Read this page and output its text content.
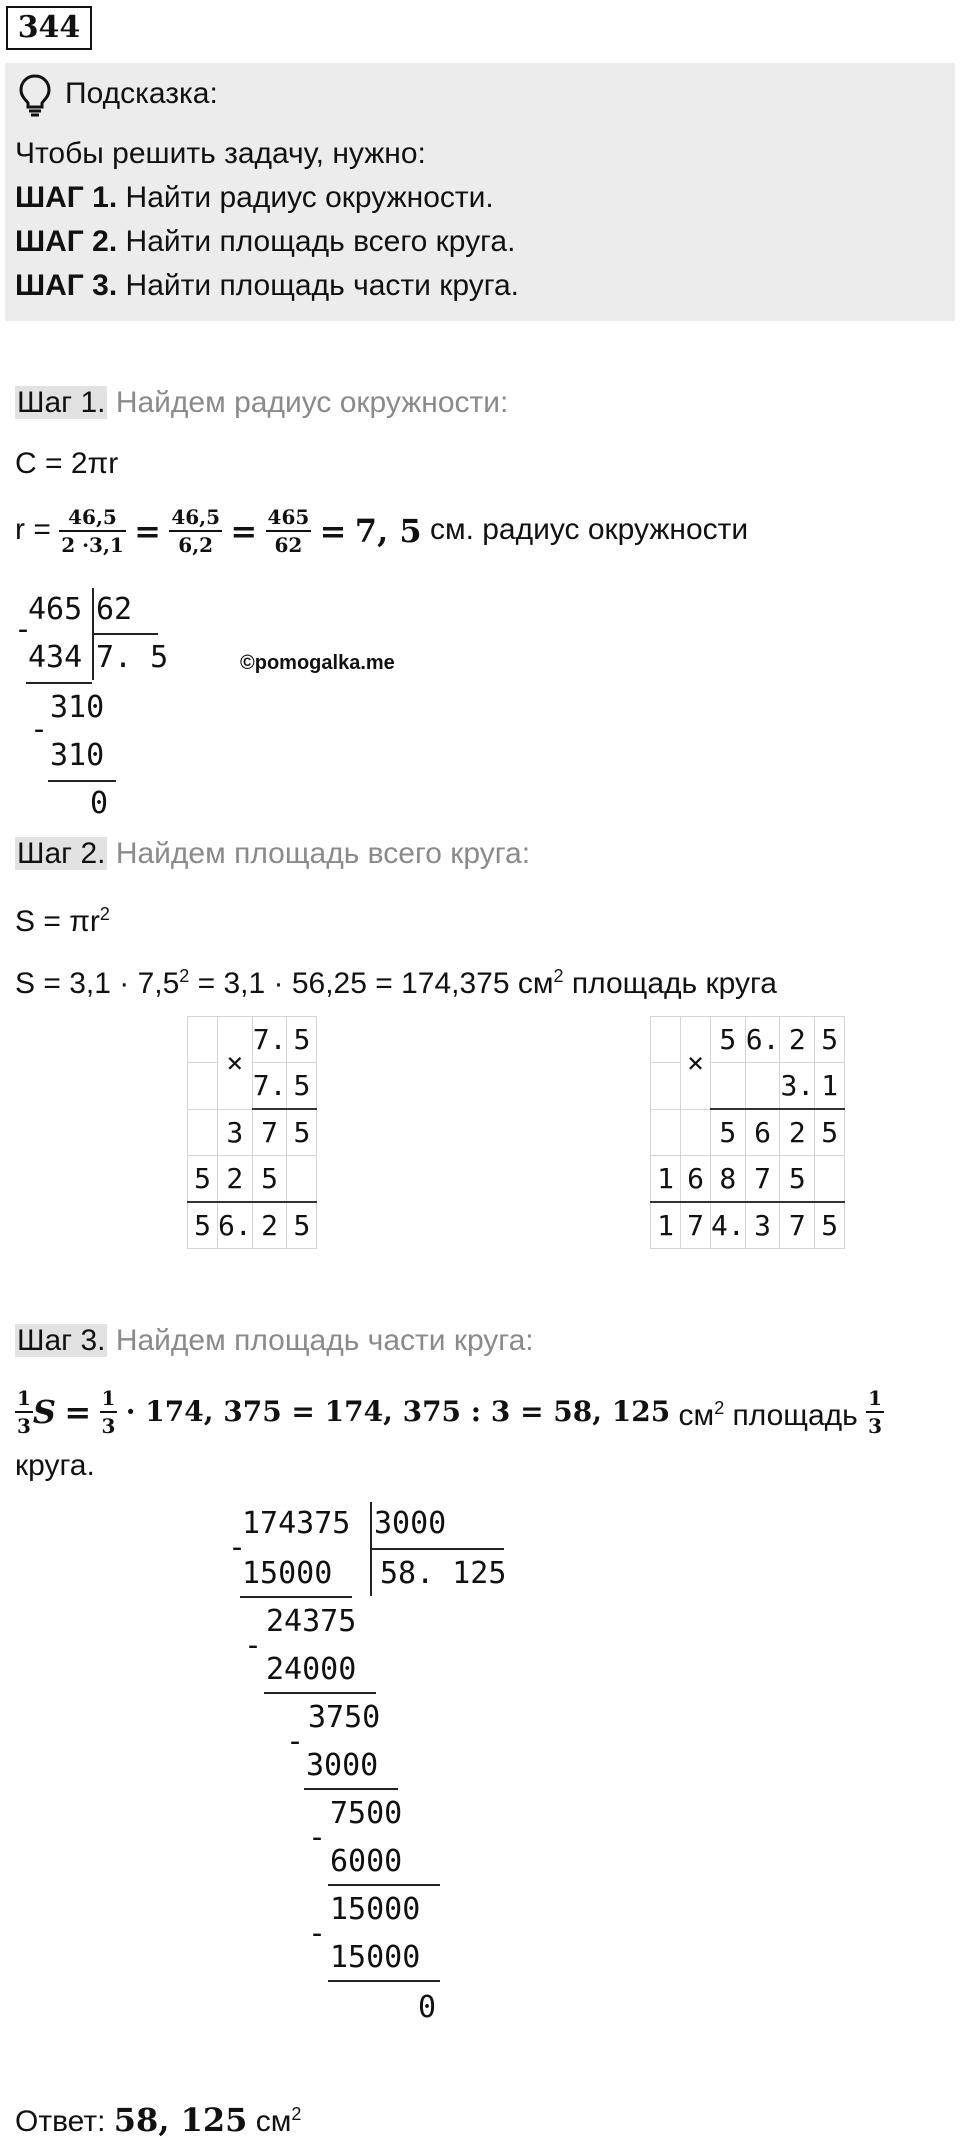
344
Подсказка:
Чтобы решить задачу, нужно:
ШАГ 1. Найти радиус окружности.
ШАГ 2. Найти площадь всего круга.
ШАГ 3. Найти площадь части круга.
Шаг 1. Найдем радиус окружности:
C = 2πr
$r = \frac{46,5}{2 \cdot 3,1} = \frac{46,5}{6,2} = \frac{465}{62} = 7$, 5 см. радиус окружности
465 62
-
434 7. 5
310
-
310
0
©pomogalka.me
Шаг 2. Найдем площадь всего круга:
$S = \pi r^2$
$S = 3,1 \cdot 7,5^2 = 3,1 \cdot 56,25 = 174,375$ $см^2$ площадь круга
	×	7.	5
		7.	5
	3	7	5
5	2	5	
5	6.	2	5
	×	5	6.	2	5
				3.	1
		5	6	2	5
1	6	8	7	5	
1	7	4.	3	7	5
Шаг 3. Найдем площадь части круга:
$\frac{1}{3}$ $S = \frac{1}{3} \cdot 174$, 375 = 174, 375 : 3 = 58, 125 $см^2$ площадь $\frac{1}{3}$
круга.
174375 3000
-
15000 58. 125
24375
-
24000
3750
-
3000
7500
-
6000
15000
-
15000
0
Ответ: 58, 125 $см^2$
